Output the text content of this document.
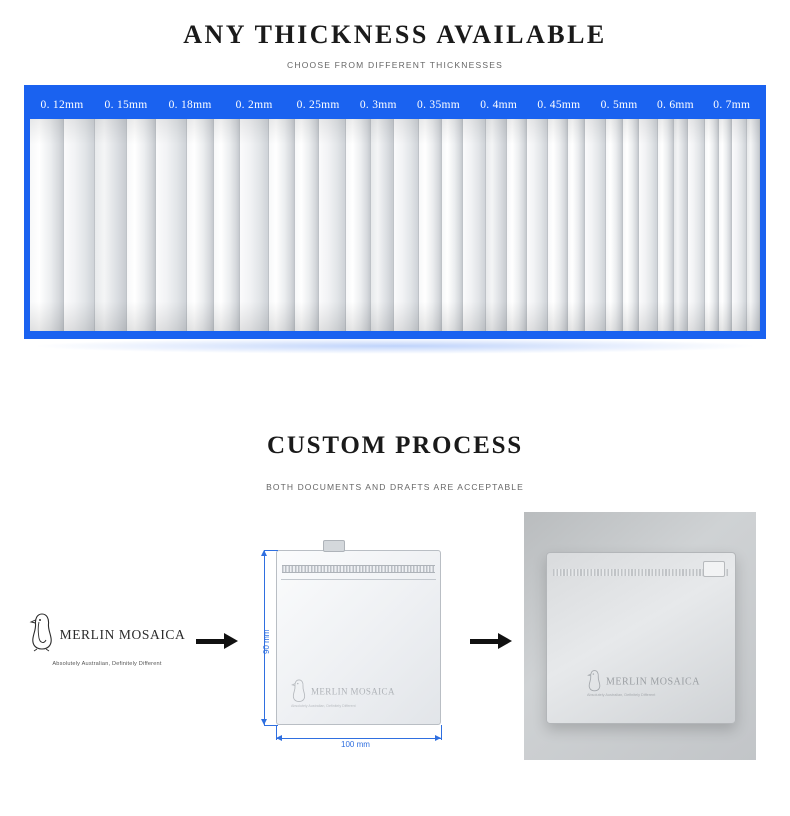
ANY THICKNESS AVAILABLE
CHOOSE FROM DIFFERENT THICKNESSES
0. 12mm	0. 15mm	0. 18mm	0. 2mm	0. 25mm	0. 3mm	0. 35mm	0. 4mm	0. 45mm	0. 5mm	0. 6mm	0. 7mm
CUSTOM PROCESS
BOTH DOCUMENTS AND DRAFTS ARE ACCEPTABLE
MERLIN MOSAICA
Absolutely Australian, Definitely Different
MERLIN MOSAICA
Absolutely Australian, Definitely Different
90 mm
100 mm
MERLIN MOSAICA
Absolutely Australian, Definitely Different
